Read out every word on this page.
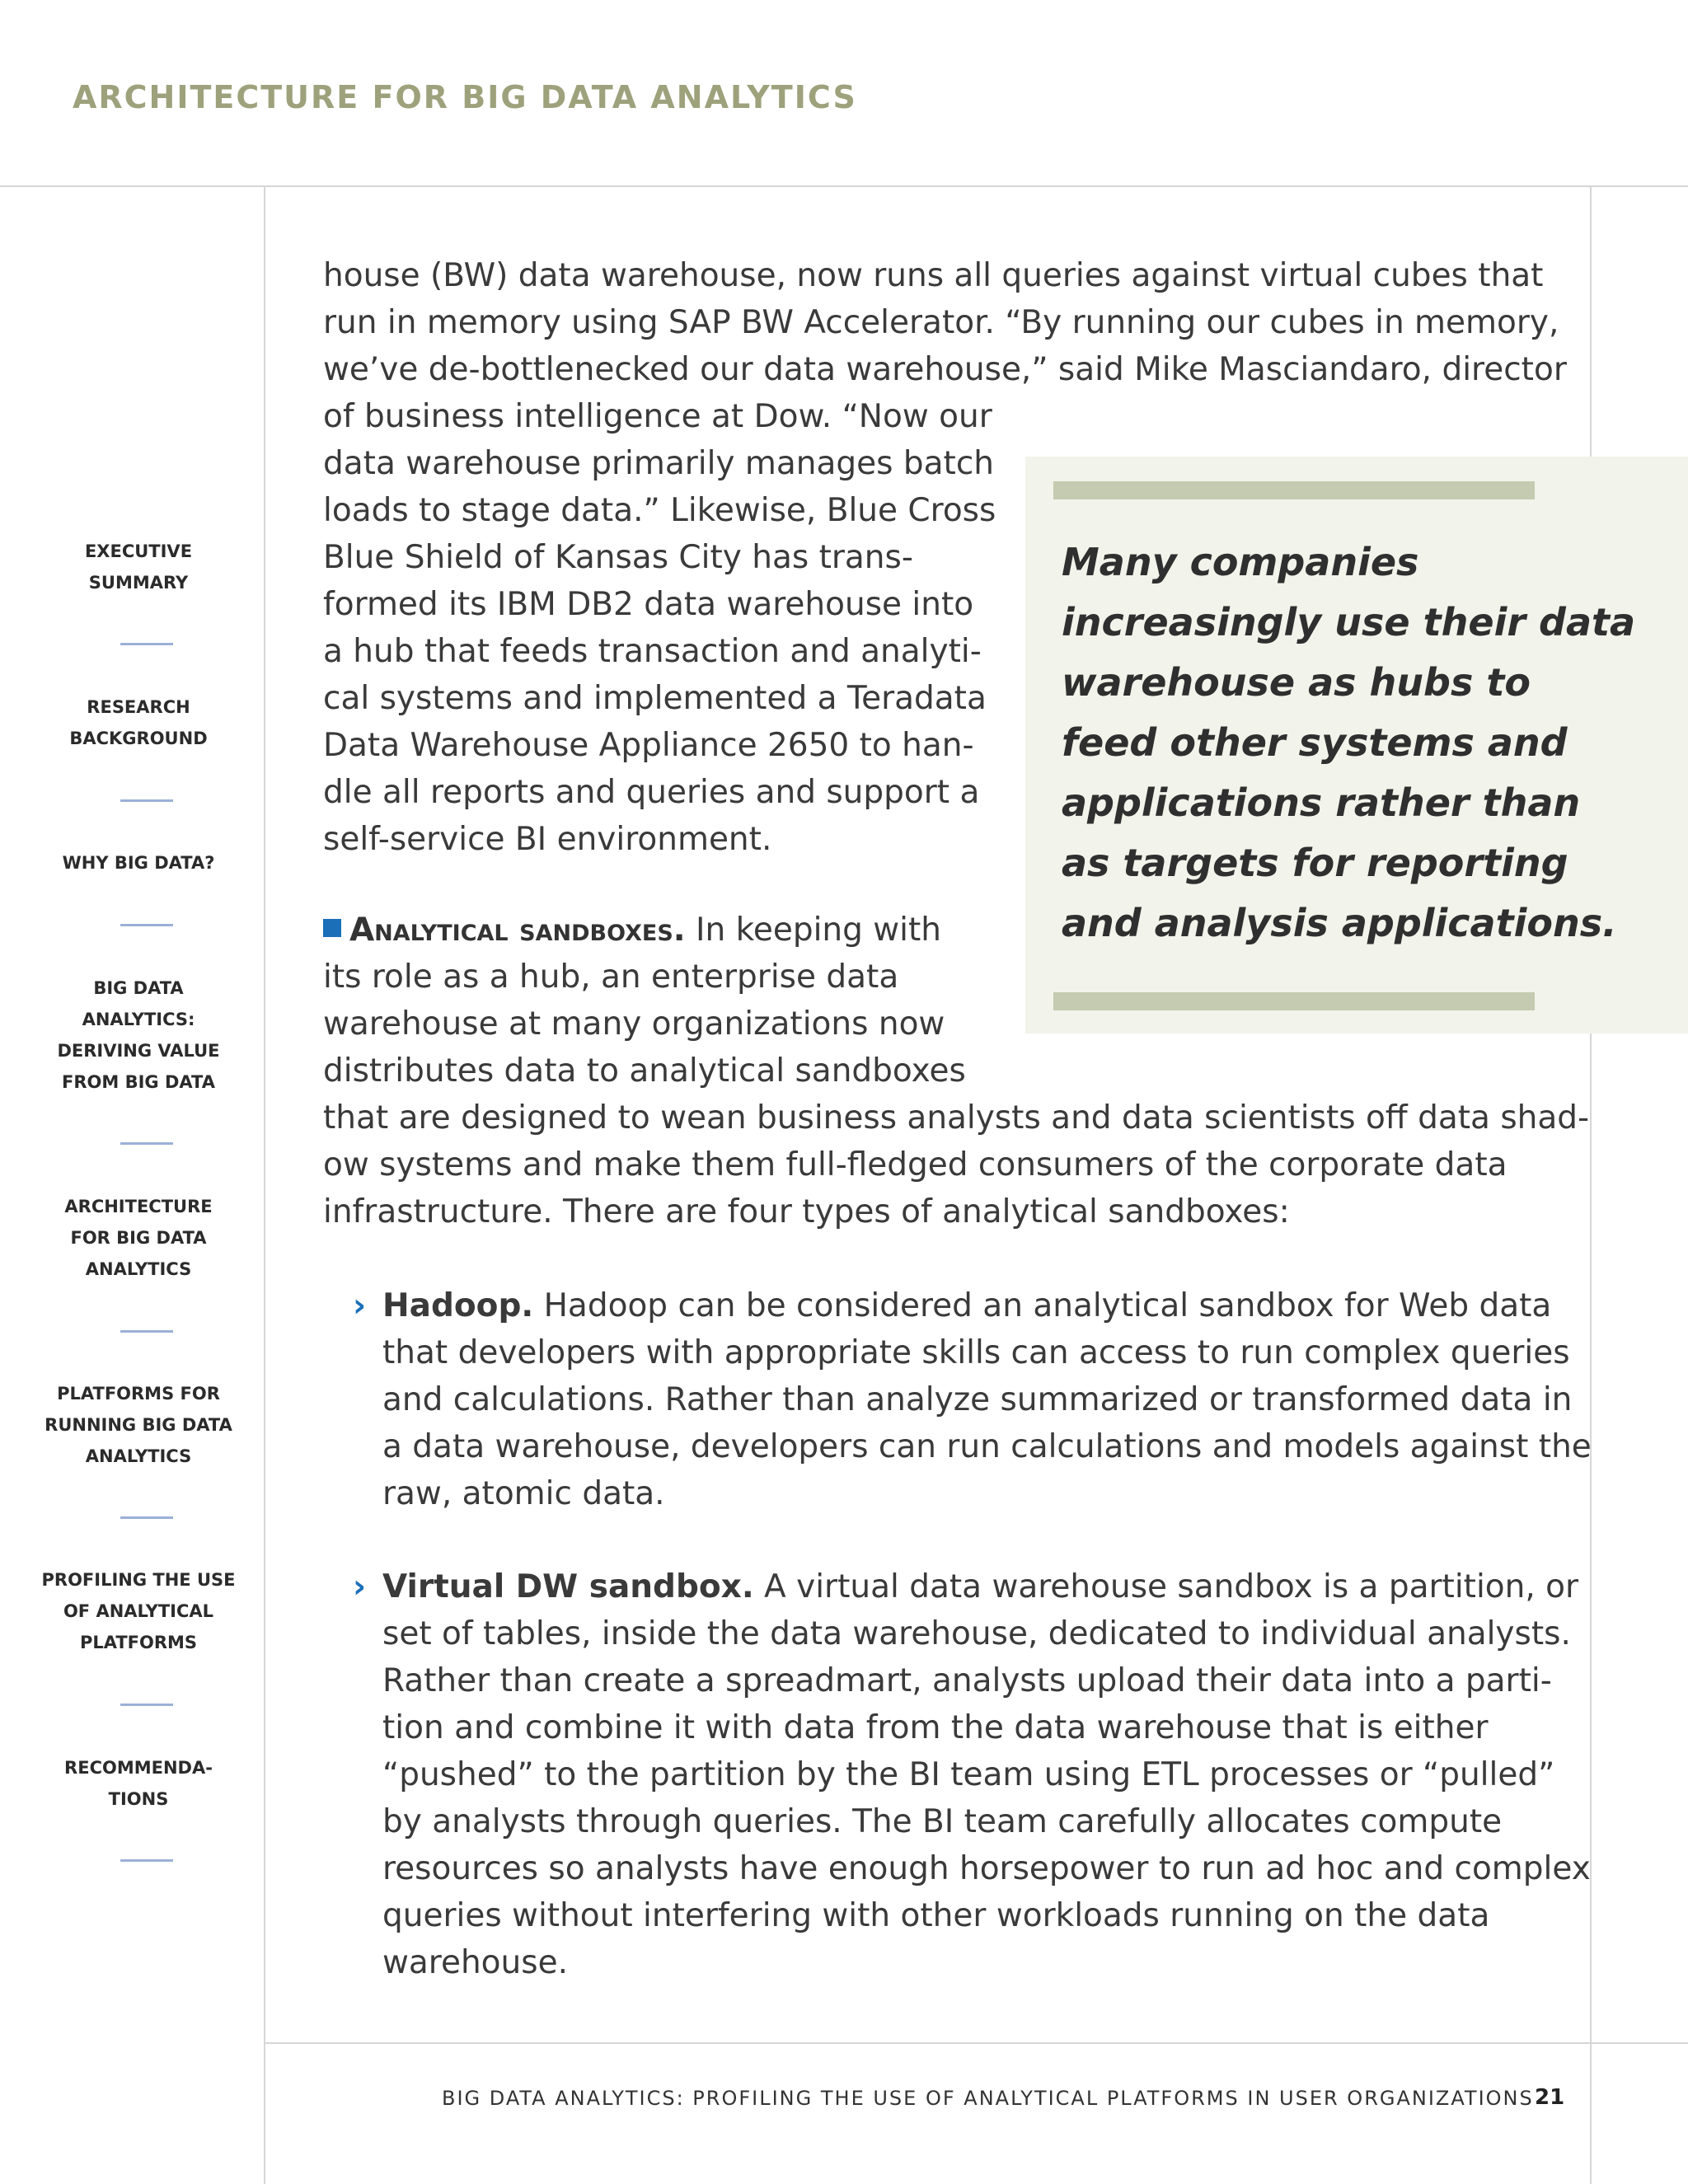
ARCHITECTURE FOR BIG DATA ANALYTICS
EXECUTIVE
SUMMARY
RESEARCH
BACKGROUND
WHY BIG DATA?
BIG DATA
ANALYTICS:
DERIVING VALUE
FROM BIG DATA
ARCHITECTURE
FOR BIG DATA
ANALYTICS
PLATFORMS FOR
RUNNING BIG DATA
ANALYTICS
PROFILING THE USE
OF ANALYTICAL
PLATFORMS
RECOMMENDA-
TIONS
Many companies
increasingly use their data
warehouse as hubs to
feed other systems and
applications rather than
as targets for reporting
and analysis applications.
house (BW) data warehouse, now runs all queries against virtual cubes that
run in memory using SAP BW Accelerator. “By running our cubes in memory,
we’ve de-bottlenecked our data warehouse,” said Mike Masciandaro, director
of business intelligence at Dow. “Now our
data warehouse primarily manages batch
loads to stage data.” Likewise, Blue Cross
Blue Shield of Kansas City has trans-
formed its IBM DB2 data warehouse into
a hub that feeds transaction and analyti-
cal systems and implemented a Teradata
Data Warehouse Appliance 2650 to han-
dle all reports and queries and support a
self-service BI environment.
Analytical sandboxes. In keeping with
its role as a hub, an enterprise data
warehouse at many organizations now
distributes data to analytical sandboxes
that are designed to wean business analysts and data scientists off data shad-
ow systems and make them full-fledged consumers of the corporate data
infrastructure. There are four types of analytical sandboxes:
› Hadoop. Hadoop can be considered an analytical sandbox for Web data
that developers with appropriate skills can access to run complex queries
and calculations. Rather than analyze summarized or transformed data in
a data warehouse, developers can run calculations and models against the
raw, atomic data.
› Virtual DW sandbox. A virtual data warehouse sandbox is a partition, or
set of tables, inside the data warehouse, dedicated to individual analysts.
Rather than create a spreadmart, analysts upload their data into a parti-
tion and combine it with data from the data warehouse that is either
“pushed” to the partition by the BI team using ETL processes or “pulled”
by analysts through queries. The BI team carefully allocates compute
resources so analysts have enough horsepower to run ad hoc and complex
queries without interfering with other workloads running on the data
warehouse.
BIG DATA ANALYTICS: PROFILING THE USE OF ANALYTICAL PLATFORMS IN USER ORGANIZATIONS 21
